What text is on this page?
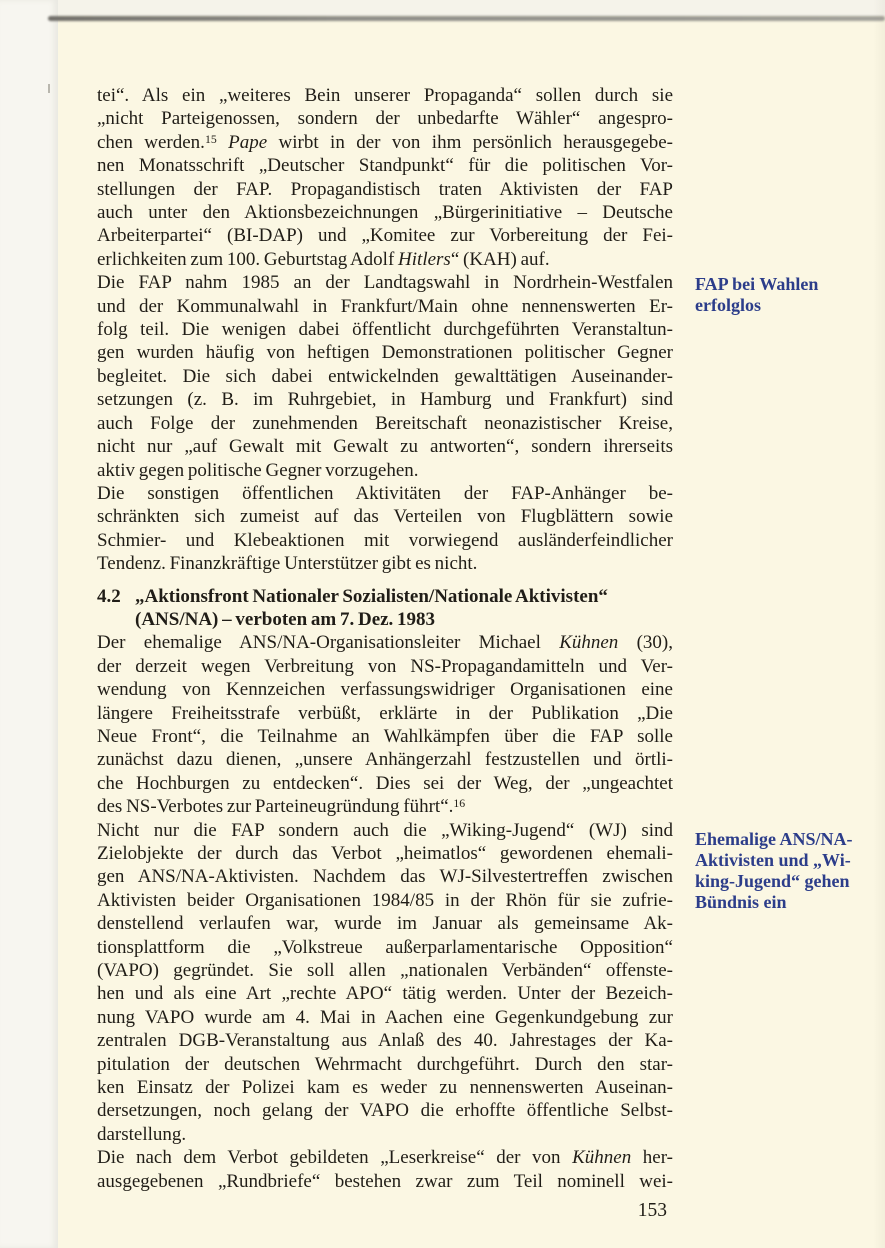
tei“. Als ein „weiteres Bein unserer Propaganda“ sollen durch sie
„nicht Parteigenossen, sondern der unbedarfte Wähler“ angespro-
chen werden.$^{15}$ Pape wirbt in der von ihm persönlich herausgegebe-
nen Monatsschrift „Deutscher Standpunkt“ für die politischen Vor-
stellungen der FAP. Propagandistisch traten Aktivisten der FAP
auch unter den Aktionsbezeichnungen „Bürgerinitiative – Deutsche
Arbeiterpartei“ (BI-DAP) und „Komitee zur Vorbereitung der Fei-
erlichkeiten zum 100. Geburtstag Adolf Hitlers“ (KAH) auf.
Die FAP nahm 1985 an der Landtagswahl in Nordrhein-Westfalen
und der Kommunalwahl in Frankfurt/Main ohne nennenswerten Er-
folg teil. Die wenigen dabei öffentlicht durchgeführten Veranstaltun-
gen wurden häufig von heftigen Demonstrationen politischer Gegner
begleitet. Die sich dabei entwickelnden gewalttätigen Auseinander-
setzungen (z. B. im Ruhrgebiet, in Hamburg und Frankfurt) sind
auch Folge der zunehmenden Bereitschaft neonazistischer Kreise,
nicht nur „auf Gewalt mit Gewalt zu antworten“, sondern ihrerseits
aktiv gegen politische Gegner vorzugehen.
Die sonstigen öffentlichen Aktivitäten der FAP-Anhänger be-
schränkten sich zumeist auf das Verteilen von Flugblättern sowie
Schmier- und Klebeaktionen mit vorwiegend ausländerfeindlicher
Tendenz. Finanzkräftige Unterstützer gibt es nicht.
4.2 „Aktionsfront Nationaler Sozialisten/Nationale Aktivisten“
(ANS/NA) – verboten am 7. Dez. 1983
Der ehemalige ANS/NA-Organisationsleiter Michael Kühnen (30),
der derzeit wegen Verbreitung von NS-Propagandamitteln und Ver-
wendung von Kennzeichen verfassungswidriger Organisationen eine
längere Freiheitsstrafe verbüßt, erklärte in der Publikation „Die
Neue Front“, die Teilnahme an Wahlkämpfen über die FAP solle
zunächst dazu dienen, „unsere Anhängerzahl festzustellen und örtli-
che Hochburgen zu entdecken“. Dies sei der Weg, der „ungeachtet
des NS-Verbotes zur Parteineugründung führt“.$^{16}$
Nicht nur die FAP sondern auch die „Wiking-Jugend“ (WJ) sind
Zielobjekte der durch das Verbot „heimatlos“ gewordenen ehemali-
gen ANS/NA-Aktivisten. Nachdem das WJ-Silvestertreffen zwischen
Aktivisten beider Organisationen 1984/85 in der Rhön für sie zufrie-
denstellend verlaufen war, wurde im Januar als gemeinsame Ak-
tionsplattform die „Volkstreue außerparlamentarische Opposition“
(VAPO) gegründet. Sie soll allen „nationalen Verbänden“ offenste-
hen und als eine Art „rechte APO“ tätig werden. Unter der Bezeich-
nung VAPO wurde am 4. Mai in Aachen eine Gegenkundgebung zur
zentralen DGB-Veranstaltung aus Anlaß des 40. Jahrestages der Ka-
pitulation der deutschen Wehrmacht durchgeführt. Durch den star-
ken Einsatz der Polizei kam es weder zu nennenswerten Auseinan-
dersetzungen, noch gelang der VAPO die erhoffte öffentliche Selbst-
darstellung.
Die nach dem Verbot gebildeten „Leserkreise“ der von Kühnen her-
ausgegebenen „Rundbriefe“ bestehen zwar zum Teil nominell wei-
FAP bei Wahlen
erfolglos
Ehemalige ANS/NA-
Aktivisten und „Wi-
king-Jugend“ gehen
Bündnis ein
153
